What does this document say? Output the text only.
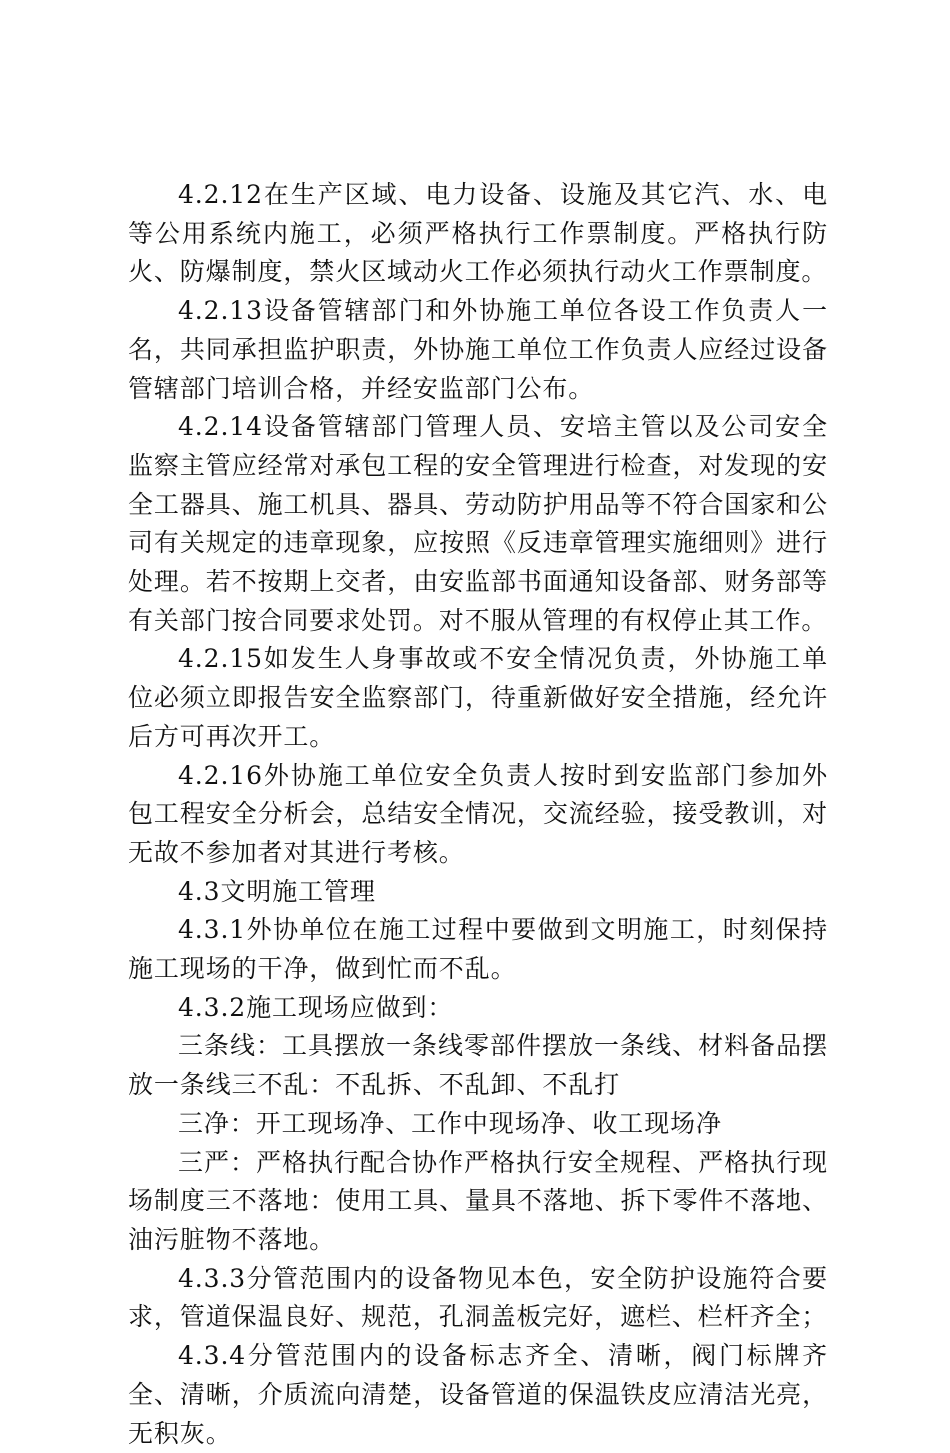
4.2.12在生产区域、电力设备、设施及其它汽、水、电等公用系统内施工，必须严格执行工作票制度。严格执行防火、防爆制度，禁火区域动火工作必须执行动火工作票制度。

4.2.13设备管辖部门和外协施工单位各设工作负责人一名，共同承担监护职责，外协施工单位工作负责人应经过设备管辖部门培训合格，并经安监部门公布。

4.2.14设备管辖部门管理人员、安培主管以及公司安全监察主管应经常对承包工程的安全管理进行检查，对发现的安全工器具、施工机具、器具、劳动防护用品等不符合国家和公司有关规定的违章现象，应按照《反违章管理实施细则》进行处理。若不按期上交者，由安监部书面通知设备部、财务部等有关部门按合同要求处罚。对不服从管理的有权停止其工作。

4.2.15如发生人身事故或不安全情况负责，外协施工单位必须立即报告安全监察部门，待重新做好安全措施，经允许后方可再次开工。

4.2.16外协施工单位安全负责人按时到安监部门参加外包工程安全分析会，总结安全情况，交流经验，接受教训，对无故不参加者对其进行考核。

4.3文明施工管理

4.3.1外协单位在施工过程中要做到文明施工，时刻保持施工现场的干净，做到忙而不乱。

4.3.2施工现场应做到：

三条线：工具摆放一条线零部件摆放一条线、材料备品摆放一条线三不乱：不乱拆、不乱卸、不乱打

三净：开工现场净、工作中现场净、收工现场净

三严：严格执行配合协作严格执行安全规程、严格执行现场制度三不落地：使用工具、量具不落地、拆下零件不落地、油污脏物不落地。

4.3.3分管范围内的设备物见本色，安全防护设施符合要求，管道保温良好、规范，孔洞盖板完好，遮栏、栏杆齐全；

4.3.4分管范围内的设备标志齐全、清晰，阀门标牌齐全、清晰，介质流向清楚，设备管道的保温铁皮应清洁光亮，无积灰。
